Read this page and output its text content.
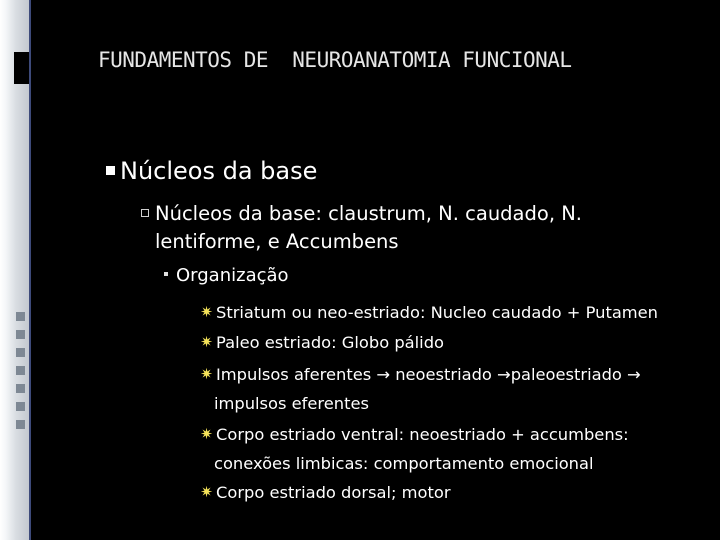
FUNDAMENTOS DE  NEUROANATOMIA FUNCIONAL
Núcleos da base
Núcleos da base: claustrum, N. caudado, N.
lentiforme, e Accumbens
Organização
✷ Striatum ou neo-estriado: Nucleo caudado + Putamen
✷ Paleo estriado: Globo pálido
✷ Impulsos aferentes → neoestriado →paleoestriado →
impulsos eferentes
✷ Corpo estriado ventral: neoestriado + accumbens:
conexões limbicas: comportamento emocional
✷ Corpo estriado dorsal; motor
